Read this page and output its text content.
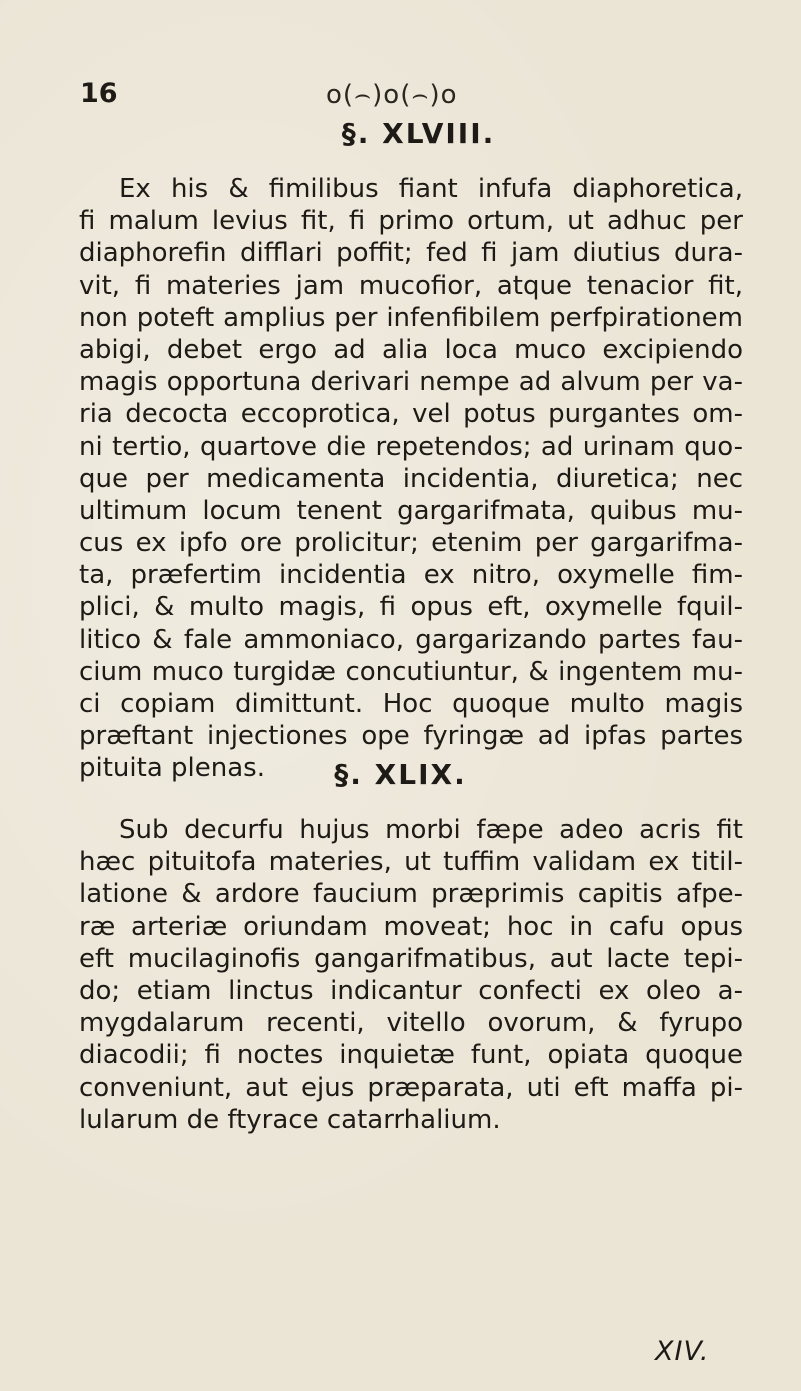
16	o(⌢)o(⌢)o
§. XLVIII.
Ex his & fimilibus fiant infufa diaphoretica,
fi malum levius fit, fi primo ortum, ut adhuc per
diaphorefin difflari poffit; fed fi jam diutius dura-
vit, fi materies jam mucofior, atque tenacior fit,
non poteft amplius per infenfibilem perfpirationem
abigi, debet ergo ad alia loca muco excipiendo
magis opportuna derivari nempe ad alvum per va-
ria decocta eccoprotica, vel potus purgantes om-
ni tertio, quartove die repetendos; ad urinam quo-
que per medicamenta incidentia, diuretica; nec
ultimum locum tenent gargarifmata, quibus mu-
cus ex ipfo ore prolicitur; etenim per gargarifma-
ta, præfertim incidentia ex nitro, oxymelle fim-
plici, & multo magis, fi opus eft, oxymelle fquil-
litico & fale ammoniaco, gargarizando partes fau-
cium muco turgidæ concutiuntur, & ingentem mu-
ci copiam dimittunt. Hoc quoque multo magis
præftant injectiones ope fyringæ ad ipfas partes
pituita plenas.	§. XLIX.
Sub decurfu hujus morbi fæpe adeo acris fit
hæc pituitofa materies, ut tuffim validam ex titil-
latione & ardore faucium præprimis capitis afpe-
ræ arteriæ oriundam moveat; hoc in cafu opus
eft mucilaginofis gangarifmatibus, aut lacte tepi-
do; etiam linctus indicantur confecti ex oleo a-
mygdalarum recenti, vitello ovorum, & fyrupo
diacodii; fi noctes inquietæ funt, opiata quoque
conveniunt, aut ejus præparata, uti eft maffa pi-
lularum de ftyrace catarrhalium.
XIV.
